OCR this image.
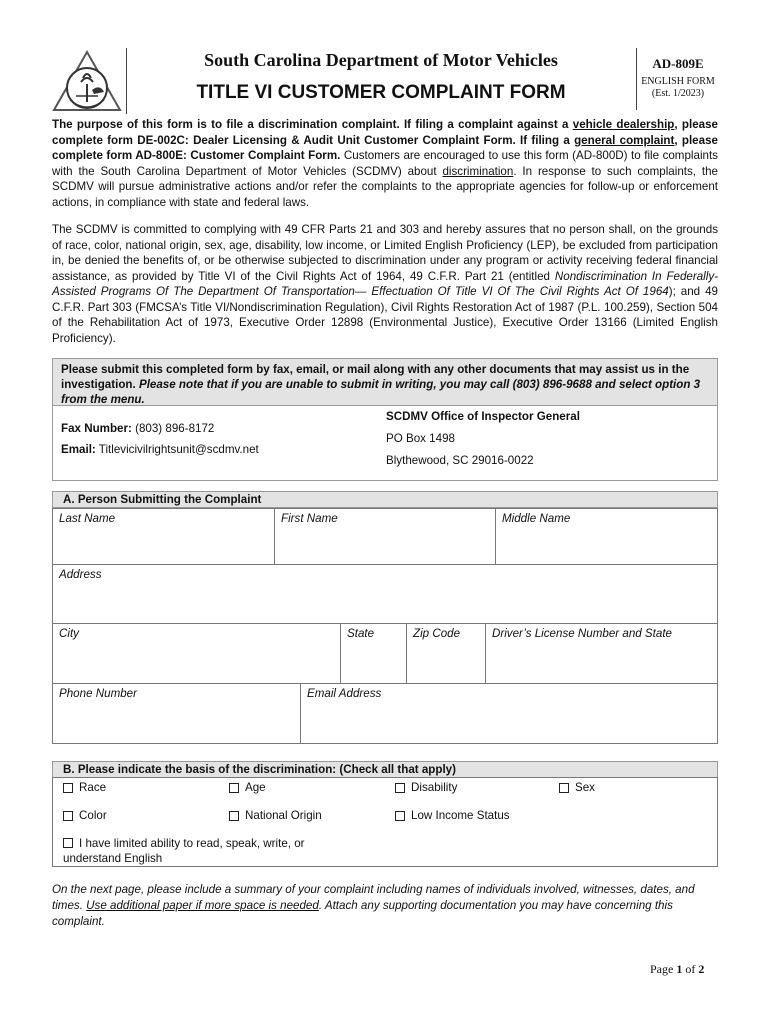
South Carolina Department of Motor Vehicles
TITLE VI CUSTOMER COMPLAINT FORM
AD-809E
ENGLISH FORM
(Est. 1/2023)
The purpose of this form is to file a discrimination complaint. If filing a complaint against a vehicle dealership, please complete form DE-002C: Dealer Licensing & Audit Unit Customer Complaint Form. If filing a general complaint, please complete form AD-800E: Customer Complaint Form. Customers are encouraged to use this form (AD-800D) to file complaints with the South Carolina Department of Motor Vehicles (SCDMV) about discrimination. In response to such complaints, the SCDMV will pursue administrative actions and/or refer the complaints to the appropriate agencies for follow-up or enforcement actions, in compliance with state and federal laws.
The SCDMV is committed to complying with 49 CFR Parts 21 and 303 and hereby assures that no person shall, on the grounds of race, color, national origin, sex, age, disability, low income, or Limited English Proficiency (LEP), be excluded from participation in, be denied the benefits of, or be otherwise subjected to discrimination under any program or activity receiving federal financial assistance, as provided by Title VI of the Civil Rights Act of 1964, 49 C.F.R. Part 21 (entitled Nondiscrimination In Federally-Assisted Programs Of The Department Of Transportation— Effectuation Of Title VI Of The Civil Rights Act Of 1964); and 49 C.F.R. Part 303 (FMCSA’s Title VI/Nondiscrimination Regulation), Civil Rights Restoration Act of 1987 (P.L. 100.259), Section 504 of the Rehabilitation Act of 1973, Executive Order 12898 (Environmental Justice), Executive Order 13166 (Limited English Proficiency).
Please submit this completed form by fax, email, or mail along with any other documents that may assist us in the investigation. Please note that if you are unable to submit in writing, you may call (803) 896-9688 and select option 3 from the menu.
Fax Number: (803) 896-8172
Email: Titlevicivilrightsunit@scdmv.net
SCDMV Office of Inspector General
PO Box 1498
Blythewood, SC 29016-0022
A. Person Submitting the Complaint
Last Name	First Name	Middle Name
Address
City	State	Zip Code	Driver’s License Number and State
Phone Number	Email Address
B. Please indicate the basis of the discrimination: (Check all that apply)
Race	Age	Disability	Sex
Color	National Origin	Low Income Status
I have limited ability to read, speak, write, or understand English
On the next page, please include a summary of your complaint including names of individuals involved, witnesses, dates, and times. Use additional paper if more space is needed. Attach any supporting documentation you may have concerning this complaint.
Page 1 of 2
